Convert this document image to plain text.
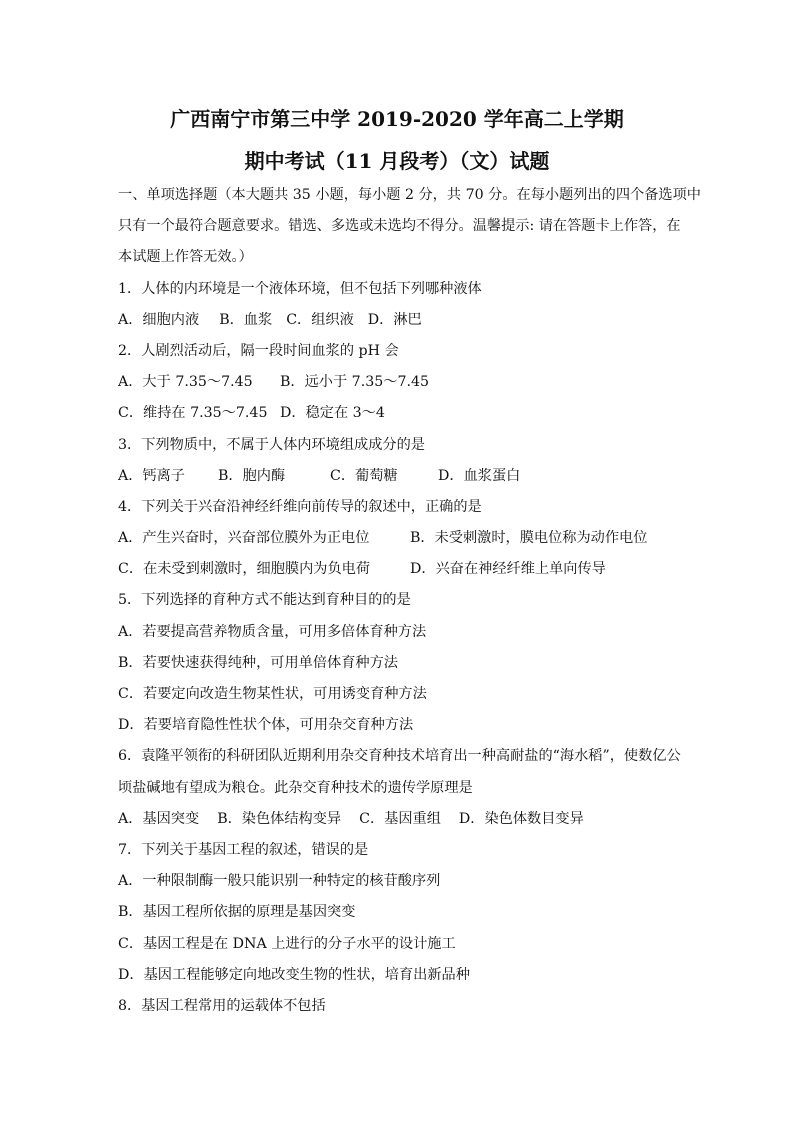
广西南宁市第三中学 2019-2020 学年高二上学期
期中考试（11 月段考）（文）试题
一、单项选择题（本大题共 35 小题，每小题 2 分，共 70 分。在每小题列出的四个备选项中
只有一个最符合题意要求。错选、多选或未选均不得分。温馨提示: 请在答题卡上作答，在
本试题上作答无效。）
1．人体的内环境是一个液体环境，但不包括下列哪种液体
A．细胞内液 B．血浆 C．组织液 D．淋巴
2．人剧烈活动后，隔一段时间血浆的 pH 会
A．大于 7.35～7.45	B．远小于 7.35～7.45
C．维持在 7.35～7.45 D．稳定在 3～4
3．下列物质中，不属于人体内环境组成成分的是
A．钙离子	B．胞内酶	C．葡萄糖	D．血浆蛋白
4．下列关于兴奋沿神经纤维向前传导的叙述中，正确的是
A．产生兴奋时，兴奋部位膜外为正电位	B．未受刺激时，膜电位称为动作电位
C．在未受到刺激时，细胞膜内为负电荷	D．兴奋在神经纤维上单向传导
5．下列选择的育种方式不能达到育种目的的是
A．若要提高营养物质含量，可用多倍体育种方法
B．若要快速获得纯种，可用单倍体育种方法
C．若要定向改造生物某性状，可用诱变育种方法
D．若要培育隐性性状个体，可用杂交育种方法
6．袁隆平领衔的科研团队近期利用杂交育种技术培育出一种高耐盐的“海水稻”，使数亿公
顷盐碱地有望成为粮仓。此杂交育种技术的遗传学原理是
A．基因突变 B．染色体结构变异 C．基因重组 D．染色体数目变异
7．下列关于基因工程的叙述，错误的是
A．一种限制酶一般只能识别一种特定的核苷酸序列
B．基因工程所依据的原理是基因突变
C．基因工程是在 DNA 上进行的分子水平的设计施工
D．基因工程能够定向地改变生物的性状，培育出新品种
8．基因工程常用的运载体不包括
